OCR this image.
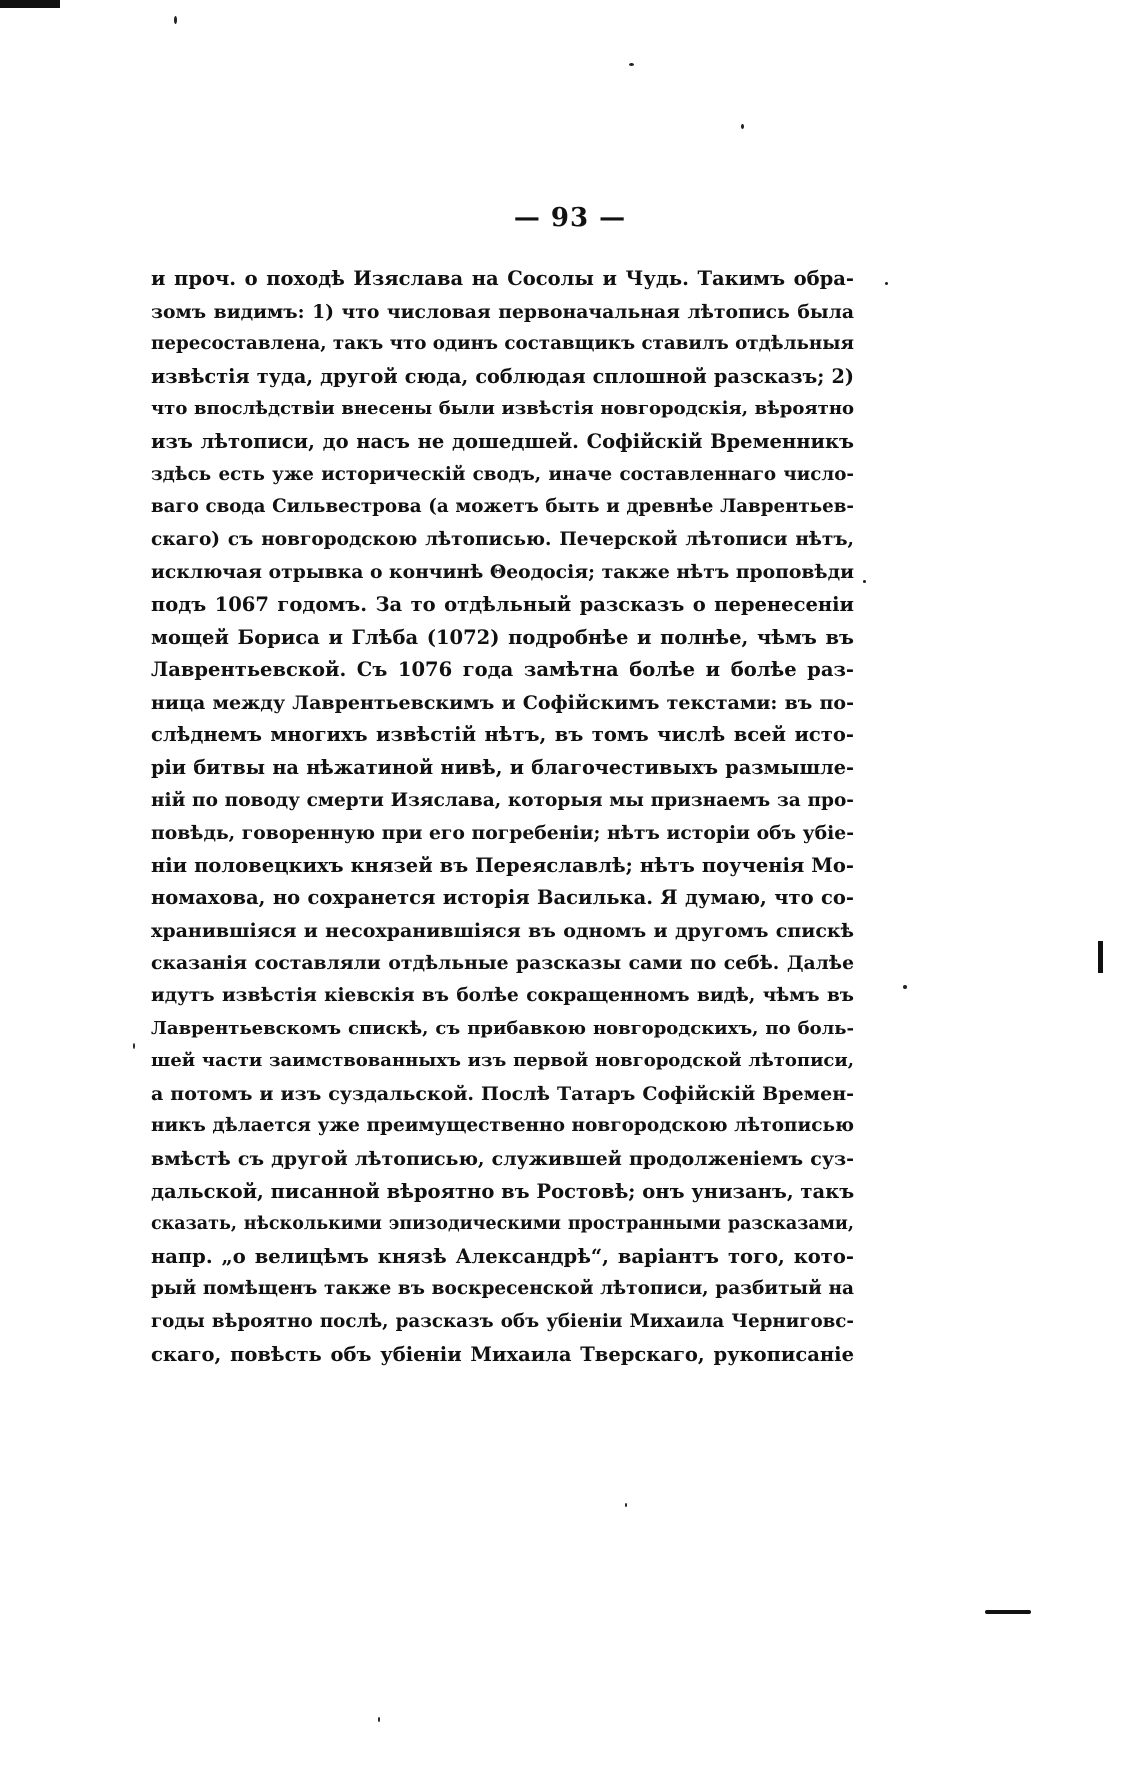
— 93 —
и проч. о походѣ Изяслава на Сосолы и Чудь. Такимъ обра-
зомъ видимъ: 1) что числовая первоначальная лѣтопись была
пересоставлена, такъ что одинъ составщикъ ставилъ отдѣльныя
извѣстія туда, другой сюда, соблюдая сплошной разсказъ; 2)
что впослѣдствіи внесены были извѣстія новгородскія, вѣроятно
изъ лѣтописи, до насъ не дошедшей. Софійскій Временникъ
здѣсь есть уже историческій сводъ, иначе составленнаго число-
ваго свода Сильвестрова (а можетъ быть и древнѣе Лаврентьев-
скаго) съ новгородскою лѣтописью. Печерской лѣтописи нѣтъ,
исключая отрывка о кончинѣ Θеодосія; также нѣтъ проповѣди
подъ 1067 годомъ. За то отдѣльный разсказъ о перенесеніи
мощей Бориса и Глѣба (1072) подробнѣе и полнѣе, чѣмъ въ
Лаврентьевской. Съ 1076 года замѣтна болѣе и болѣе раз-
ница между Лаврентьевскимъ и Софійскимъ текстами: въ по-
слѣднемъ многихъ извѣстій нѣтъ, въ томъ числѣ всей исто-
ріи битвы на нѣжатиной нивѣ, и благочестивыхъ размышле-
ній по поводу смерти Изяслава, которыя мы признаемъ за про-
повѣдь, говоренную при его погребеніи; нѣтъ исторіи объ убіе-
ніи половецкихъ князей въ Переяславлѣ; нѣтъ поученія Мо-
номахова, но сохранется исторія Василька. Я думаю, что со-
хранившіяся и несохранившіяся въ одномъ и другомъ спискѣ
сказанія составляли отдѣльные разсказы сами по себѣ. Далѣе
идутъ извѣстія кіевскія въ болѣе сокращенномъ видѣ, чѣмъ въ
Лаврентьевскомъ спискѣ, съ прибавкою новгородскихъ, по боль-
шей части заимствованныхъ изъ первой новгородской лѣтописи,
а потомъ и изъ суздальской. Послѣ Татаръ Софійскій Времен-
никъ дѣлается уже преимущественно новгородскою лѣтописью
вмѣстѣ съ другой лѣтописью, служившей продолженіемъ суз-
дальской, писанной вѣроятно въ Ростовѣ; онъ унизанъ, такъ
сказать, нѣсколькими эпизодическими пространными разсказами,
напр. „о велицѣмъ князѣ Александрѣ“, варіантъ того, кото-
рый помѣщенъ также въ воскресенской лѣтописи, разбитый на
годы вѣроятно послѣ, разсказъ объ убіеніи Михаила Черниговс-
скаго, повѣсть объ убіеніи Михаила Тверскаго, рукописаніе
